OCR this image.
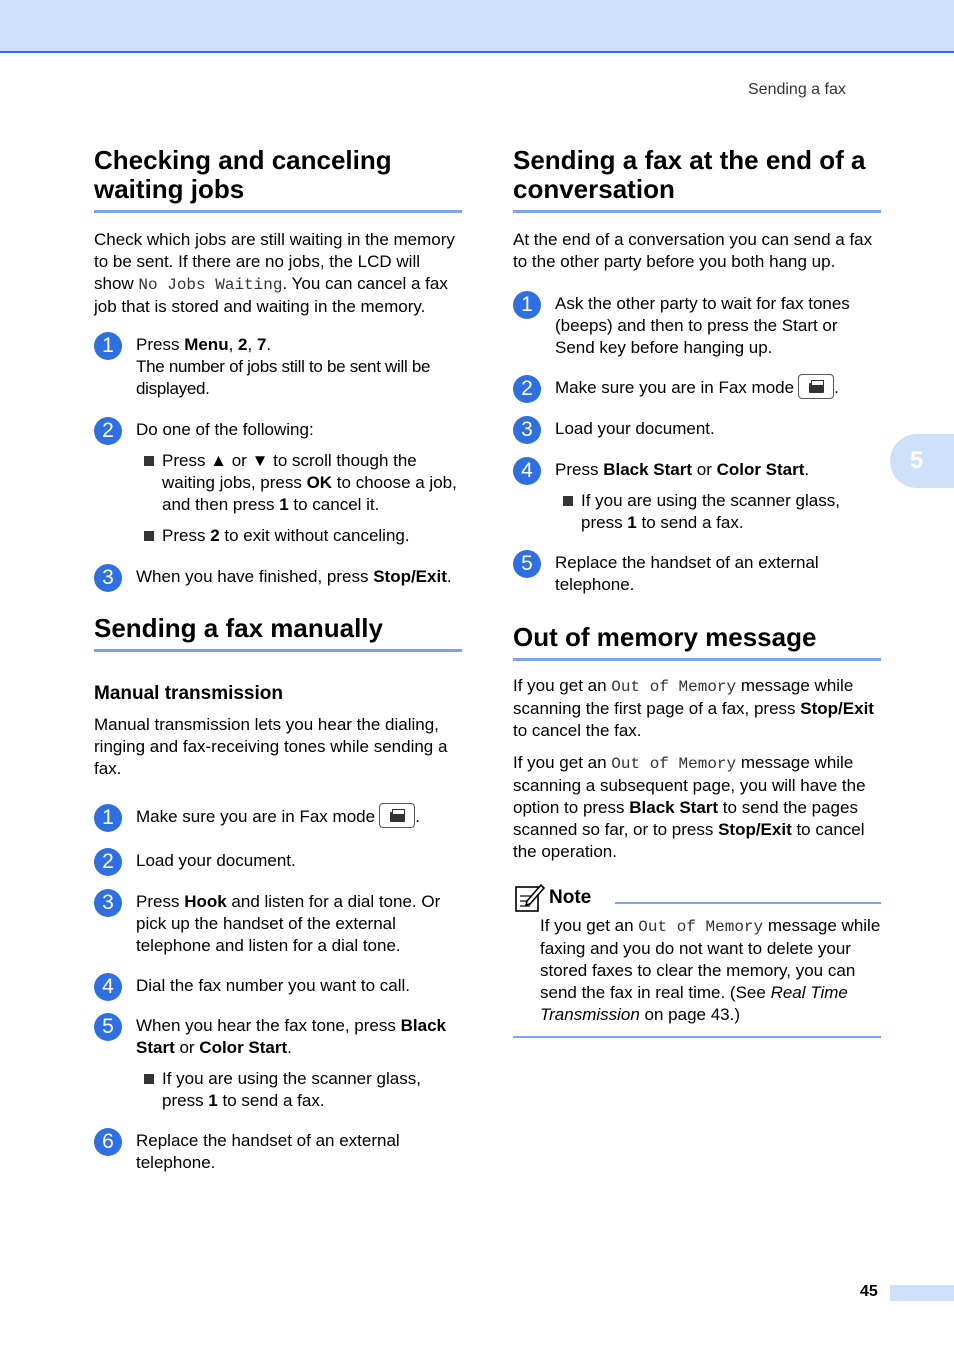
Sending a fax
5
Checking and canceling
waiting jobs

Check which jobs are still waiting in the memory to be sent. If there are no jobs, the LCD will show No Jobs Waiting. You can cancel a fax job that is stored and waiting in the memory.

1	Press Menu, 2, 7.
The number of jobs still to be sent will be displayed.
2	Do one of the following:
Press ▲ or ▼ to scroll though the waiting jobs, press OK to choose a job, and then press 1 to cancel it.
Press 2 to exit without canceling.
3	When you have finished, press Stop/Exit.
Sending a fax manually
Manual transmission

Manual transmission lets you hear the dialing, ringing and fax-receiving tones while sending a fax.

1	Make sure you are in Fax mode .
2	Load your document.
3	Press Hook and listen for a dial tone. Or pick up the handset of the external telephone and listen for a dial tone.
4	Dial the fax number you want to call.
5	When you hear the fax tone, press Black Start or Color Start.
If you are using the scanner glass, press 1 to send a fax.
6	Replace the handset of an external telephone.
Sending a fax at the end of a
conversation

At the end of a conversation you can send a fax to the other party before you both hang up.

1	Ask the other party to wait for fax tones (beeps) and then to press the Start or Send key before hanging up.
2	Make sure you are in Fax mode .
3	Load your document.
4	Press Black Start or Color Start.
If you are using the scanner glass, press 1 to send a fax.
5	Replace the handset of an external telephone.
Out of memory message

If you get an Out of Memory message while scanning the first page of a fax, press Stop/Exit to cancel the fax.

If you get an Out of Memory message while scanning a subsequent page, you will have the option to press Black Start to send the pages scanned so far, or to press Stop/Exit to cancel the operation.

Note
If you get an Out of Memory message while faxing and you do not want to delete your stored faxes to clear the memory, you can send the fax in real time. (See Real Time Transmission on page 43.)
45
